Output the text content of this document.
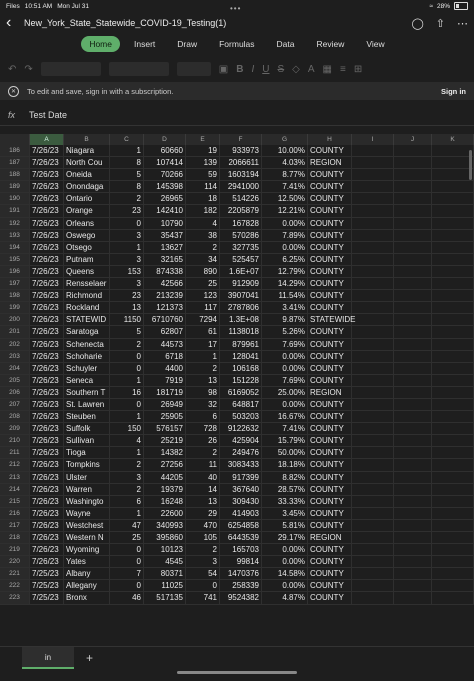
Files 10:51 AM Mon Jul 31	≈ 28%
•••
‹	New_York_State_Statewide_COVID-19_Testing(1)	◯ ⇧ ⋯
Home	Insert	Draw	Formulas	Data	Review	View
↶ ↷	▣ B I U S ◇ A ▦ ≡ ⊞
✕	To edit and save, sign in with a subscription.	Sign in
fx Test Date
A	B	C	D	E	F	G	H	I	J	K
186	7/26/23 Niagara	1	60660	19	933973	10.00% COUNTY
187	7/26/23 North Cou	8	107414	139	2066611	4.03% REGION
188	7/26/23 Oneida	5	70266	59	1603194	8.77% COUNTY
189	7/26/23 Onondaga	8	145398	114	2941000	7.41% COUNTY
190	7/26/23 Ontario	2	26965	18	514226	12.50% COUNTY
191	7/26/23 Orange	23	142410	182	2205879	12.21% COUNTY
192	7/26/23 Orleans	0	10790	4	167828	0.00% COUNTY
193	7/26/23 Oswego	3	35437	38	570286	7.89% COUNTY
194	7/26/23 Otsego	1	13627	2	327735	0.00% COUNTY
195	7/26/23 Putnam	3	32165	34	525457	6.25% COUNTY
196	7/26/23 Queens	153	874338	890	1.6E+07	12.79% COUNTY
197	7/26/23 Rensselaer	3	42566	25	912909	14.29% COUNTY
198	7/26/23 Richmond	23	213239	123	3907041	11.54% COUNTY
199	7/26/23 Rockland	13	121373	117	2787806	3.41% COUNTY
200	7/26/23 STATEWID	1150	6710760	7294	1.3E+08	9.87% STATEWIDE
201	7/26/23 Saratoga	5	62807	61	1138018	5.26% COUNTY
202	7/26/23 Schenecta	2	44573	17	879961	7.69% COUNTY
203	7/26/23 Schoharie	0	6718	1	128041	0.00% COUNTY
204	7/26/23 Schuyler	0	4400	2	106168	0.00% COUNTY
205	7/26/23 Seneca	1	7919	13	151228	7.69% COUNTY
206	7/26/23 Southern T	16	181719	98	6169052	25.00% REGION
207	7/26/23 St. Lawren	0	26949	32	648817	0.00% COUNTY
208	7/26/23 Steuben	1	25905	6	503203	16.67% COUNTY
209	7/26/23 Suffolk	150	576157	728	9122632	7.41% COUNTY
210	7/26/23 Sullivan	4	25219	26	425904	15.79% COUNTY
211	7/26/23 Tioga	1	14382	2	249476	50.00% COUNTY
212	7/26/23 Tompkins	2	27256	11	3083433	18.18% COUNTY
213	7/26/23 Ulster	3	44205	40	917399	8.82% COUNTY
214	7/26/23 Warren	2	19379	14	367640	28.57% COUNTY
215	7/26/23 Washingto	6	16248	13	309430	33.33% COUNTY
216	7/26/23 Wayne	1	22600	29	414903	3.45% COUNTY
217	7/26/23 Westchest	47	340993	470	6254858	5.81% COUNTY
218	7/26/23 Western N	25	395860	105	6443539	29.17% REGION
219	7/26/23 Wyoming	0	10123	2	165703	0.00% COUNTY
220	7/26/23 Yates	0	4545	3	99814	0.00% COUNTY
221	7/25/23 Albany	7	80371	54	1470376	14.58% COUNTY
222	7/25/23 Allegany	0	11025	0	258339	0.00% COUNTY
223	7/25/23 Bronx	46	517135	741	9524382	4.87% COUNTY
in	+
